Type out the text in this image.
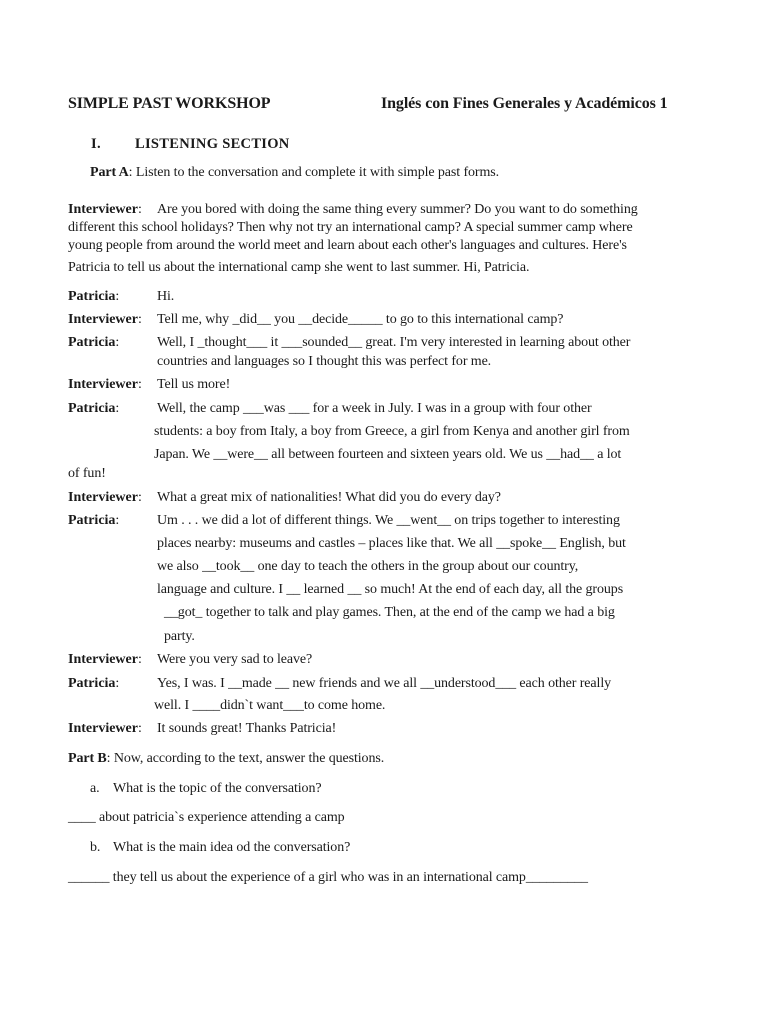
SIMPLE PAST WORKSHOP	Inglés con Fines Generales y Académicos 1
I. LISTENING SECTION
Part A: Listen to the conversation and complete it with simple past forms.
Interviewer: Are you bored with doing the same thing every summer? Do you want to do something
different this school holidays? Then why not try an international camp? A special summer camp where
young people from around the world meet and learn about each other's languages and cultures. Here's
Patricia to tell us about the international camp she went to last summer. Hi, Patricia.
Patricia:	Hi.
Interviewer: Tell me, why _did__ you __decide_____ to go to this international camp?
Patricia:	Well, I _thought___ it ___sounded__ great. I'm very interested in learning about other
countries and languages so I thought this was perfect for me.
Interviewer: Tell us more!
Patricia:	Well, the camp ___was ___ for a week in July. I was in a group with four other
students: a boy from Italy, a boy from Greece, a girl from Kenya and another girl from
Japan. We __were__ all between fourteen and sixteen years old. We us __had__ a lot
of fun!
Interviewer: What a great mix of nationalities! What did you do every day?
Patricia:	Um . . . we did a lot of different things. We __went__ on trips together to interesting
places nearby: museums and castles – places like that. We all __spoke__ English, but
we also __took__ one day to teach the others in the group about our country,
language and culture. I __ learned __ so much! At the end of each day, all the groups
__got_ together to talk and play games. Then, at the end of the camp we had a big
party.
Interviewer: Were you very sad to leave?
Patricia:	Yes, I was. I __made __ new friends and we all __understood___ each other really
well. I ____didn`t want___to come home.
Interviewer: It sounds great! Thanks Patricia!
Part B: Now, according to the text, answer the questions.
a. What is the topic of the conversation?
____ about patricia`s experience attending a camp
b. What is the main idea od the conversation?
______ they tell us about the experience of a girl who was in an international camp_________
